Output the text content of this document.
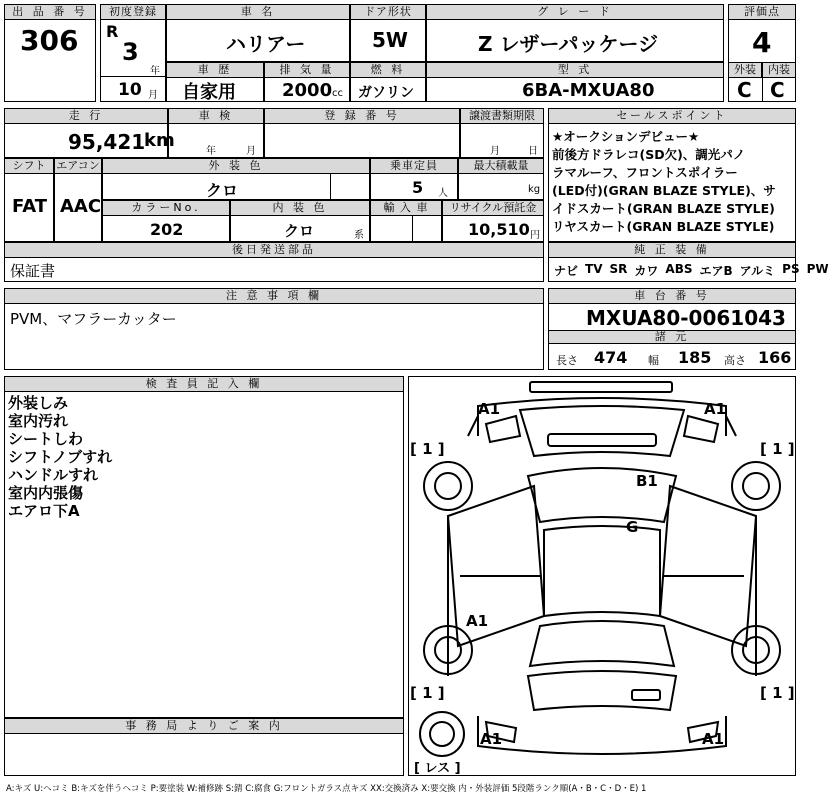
出 品 番 号
306
初度登録
R
3
年
10 月
車 名
ハリアー
ドア形状
5W
グ レ ー ド
Z レザーパッケージ
評価点
4
外装	内装
C C
車 歴
自家用
排 気 量
2000 cc
燃 料
ガソリン
型 式
6BA-MXUA80
走 行
95,421
km
車 検
年	月
登 録 番 号	譲渡書類期限
月	日
シフト
FAT
エアコン
AAC
外 装 色
クロ
乗車定員
5 人
最大積載量
kg
カラーNo.
202
内 装 色
クロ	系
輸 入 車	リサイクル預託金
10,510 円
後日発送部品
保証書
セールスポイント
★オークションデビュー★
前後方ドラレコ(SD欠)、調光パノ
ラマルーフ、フロントスポイラー
(LED付)(GRAN BLAZE STYLE)、サ
イドスカート(GRAN BLAZE STYLE)
リヤスカート(GRAN BLAZE STYLE)
純 正 装 備
ナビ TV SR カワ ABS エアB アルミ PS PW
注 意 事 項 欄
PVM、マフラーカッター
車 台 番 号
MXUA80-0061043
諸 元
長さ 474 幅 185 高さ 166
検 査 員 記 入 欄
外装しみ
室内汚れ
シートしわ
シフトノブすれ
ハンドルすれ
室内内張傷
エアロ下A
事 務 局 よ り ご 案 内
A1	A1
B1
G
A1
A1	A1
[ 1 ]	[ 1 ]
[ 1 ]	[ 1 ]
[ レス ]
A:キズ U:ヘコミ B:キズを伴うヘコミ P:要塗装 W:補修跡 S:錆 C:腐食 G:フロントガラス点キズ XX:交換済み X:要交換 内・外装評価 5段階ランク順(A・B・C・D・E) 1
